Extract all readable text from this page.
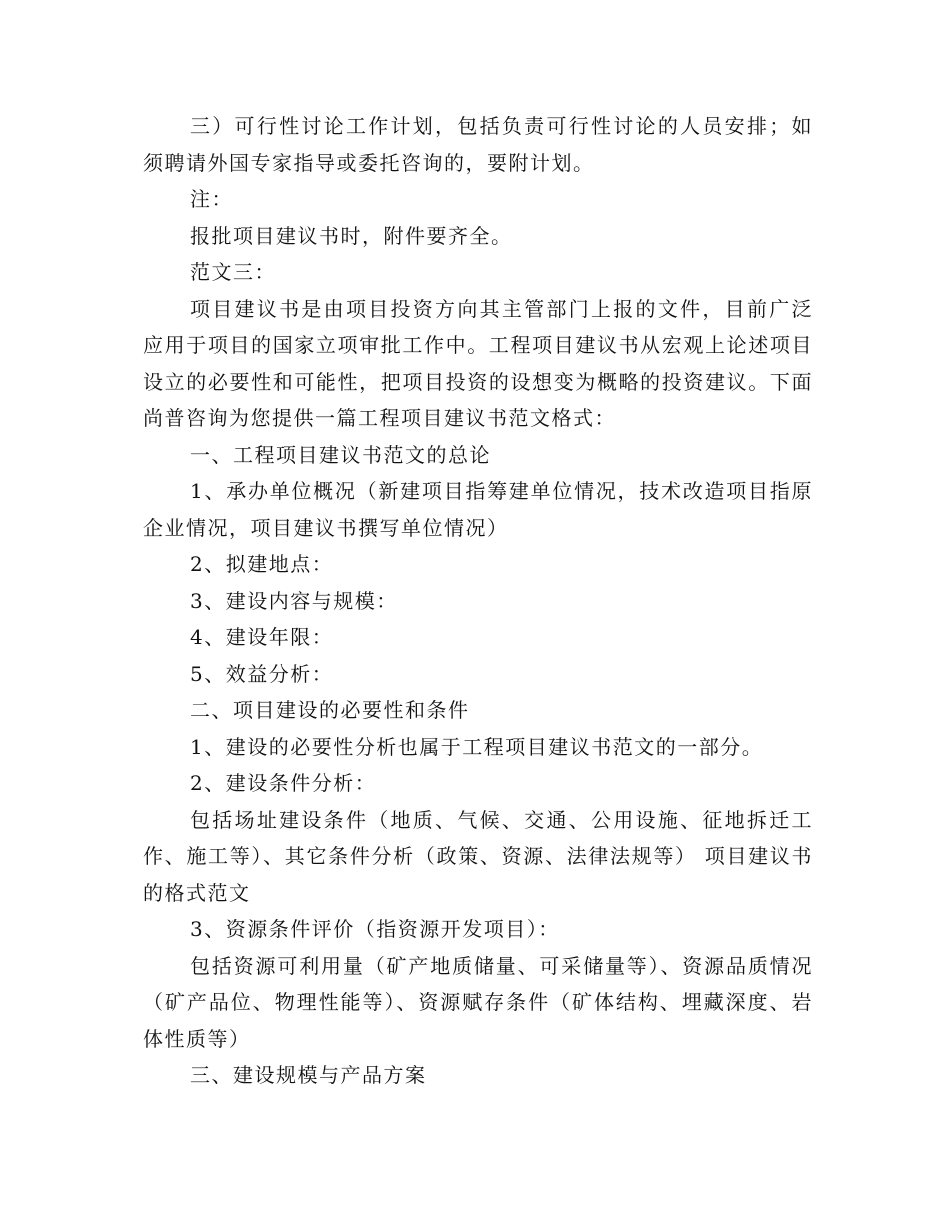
三）可行性讨论工作计划，包括负责可行性讨论的人员安排；如须聘请外国专家指导或委托咨询的，要附计划。

注：

报批项目建议书时，附件要齐全。

范文三：

项目建议书是由项目投资方向其主管部门上报的文件，目前广泛应用于项目的国家立项审批工作中。工程项目建议书从宏观上论述项目设立的必要性和可能性，把项目投资的设想变为概略的投资建议。下面尚普咨询为您提供一篇工程项目建议书范文格式：

一、工程项目建议书范文的总论

1、承办单位概况（新建项目指筹建单位情况，技术改造项目指原企业情况，项目建议书撰写单位情况）

2、拟建地点：

3、建设内容与规模：

4、建设年限：

5、效益分析：

二、项目建设的必要性和条件

1、建设的必要性分析也属于工程项目建议书范文的一部分。

2、建设条件分析：

包括场址建设条件（地质、气候、交通、公用设施、征地拆迁工作、施工等）、其它条件分析（政策、资源、法律法规等） 项目建议书的格式范文

3、资源条件评价（指资源开发项目）：

包括资源可利用量（矿产地质储量、可采储量等）、资源品质情况（矿产品位、物理性能等）、资源赋存条件（矿体结构、埋藏深度、岩体性质等）

三、建设规模与产品方案
